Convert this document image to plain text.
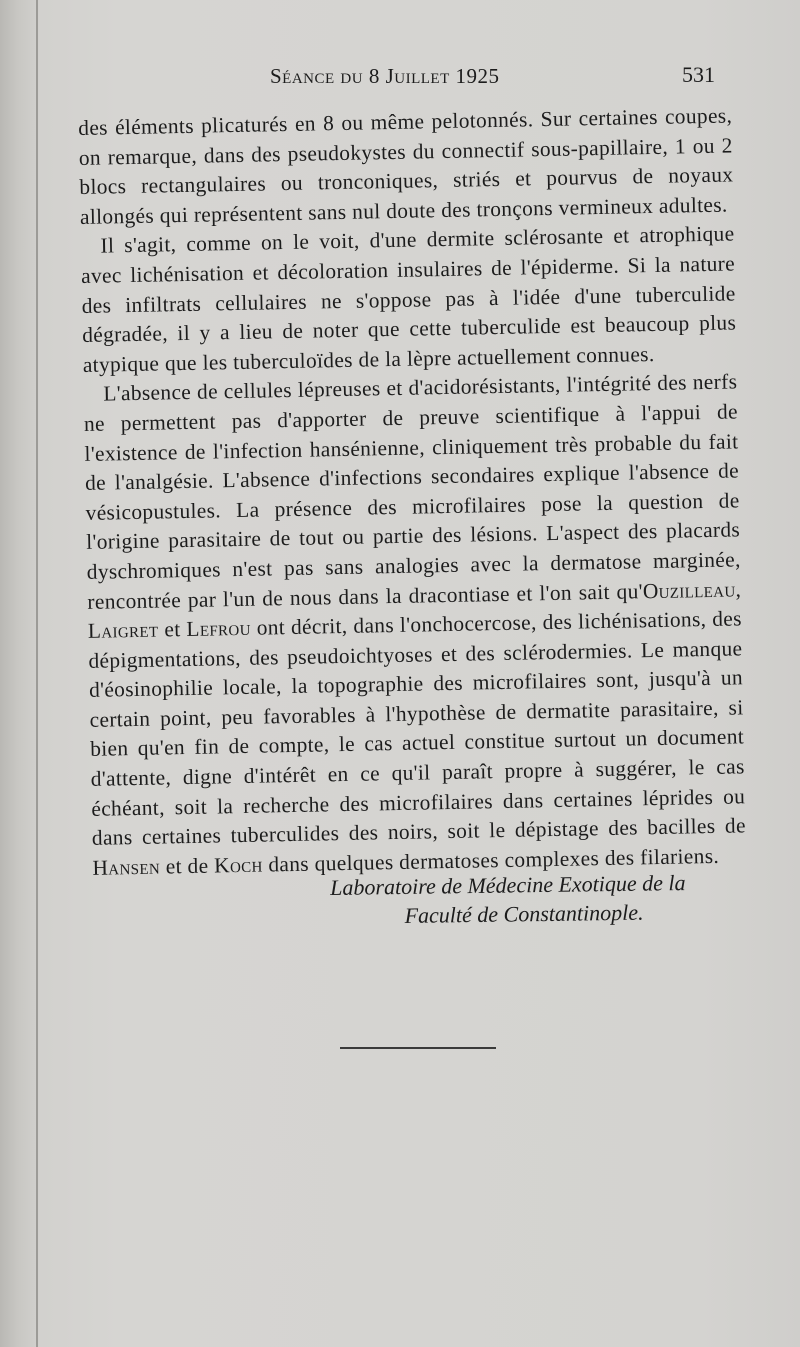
Séance du 8 Juillet 1925	531

des éléments plicaturés en 8 ou même pelotonnés. Sur certaines coupes, on remarque, dans des pseudokystes du connectif sous-papillaire, 1 ou 2 blocs rectangulaires ou tronconiques, striés et pourvus de noyaux allongés qui représentent sans nul doute des tronçons vermineux adultes.

Il s'agit, comme on le voit, d'une dermite sclérosante et atrophique avec lichénisation et décoloration insulaires de l'épiderme. Si la nature des infiltrats cellulaires ne s'oppose pas à l'idée d'une tuberculide dégradée, il y a lieu de noter que cette tuberculide est beaucoup plus atypique que les tuberculoïdes de la lèpre actuellement connues.

L'absence de cellules lépreuses et d'acidorésistants, l'intégrité des nerfs ne permettent pas d'apporter de preuve scientifique à l'appui de l'existence de l'infection hansénienne, cliniquement très probable du fait de l'analgésie. L'absence d'infections secondaires explique l'absence de vésicopustules. La présence des microfilaires pose la question de l'origine parasitaire de tout ou partie des lésions. L'aspect des placards dyschromiques n'est pas sans analogies avec la dermatose marginée, rencontrée par l'un de nous dans la dracontiase et l'on sait qu'Ouzilleau, Laigret et Lefrou ont décrit, dans l'onchocercose, des lichénisations, des dépigmentations, des pseudoichtyoses et des sclérodermies. Le manque d'éosinophilie locale, la topographie des microfilaires sont, jusqu'à un certain point, peu favorables à l'hypothèse de dermatite parasitaire, si bien qu'en fin de compte, le cas actuel constitue surtout un document d'attente, digne d'intérêt en ce qu'il paraît propre à suggérer, le cas échéant, soit la recherche des microfilaires dans certaines léprides ou dans certaines tuberculides des noirs, soit le dépistage des bacilles de Hansen et de Koch dans quelques dermatoses complexes des filariens.

Laboratoire de Médecine Exotique de la
Faculté de Constantinople.
